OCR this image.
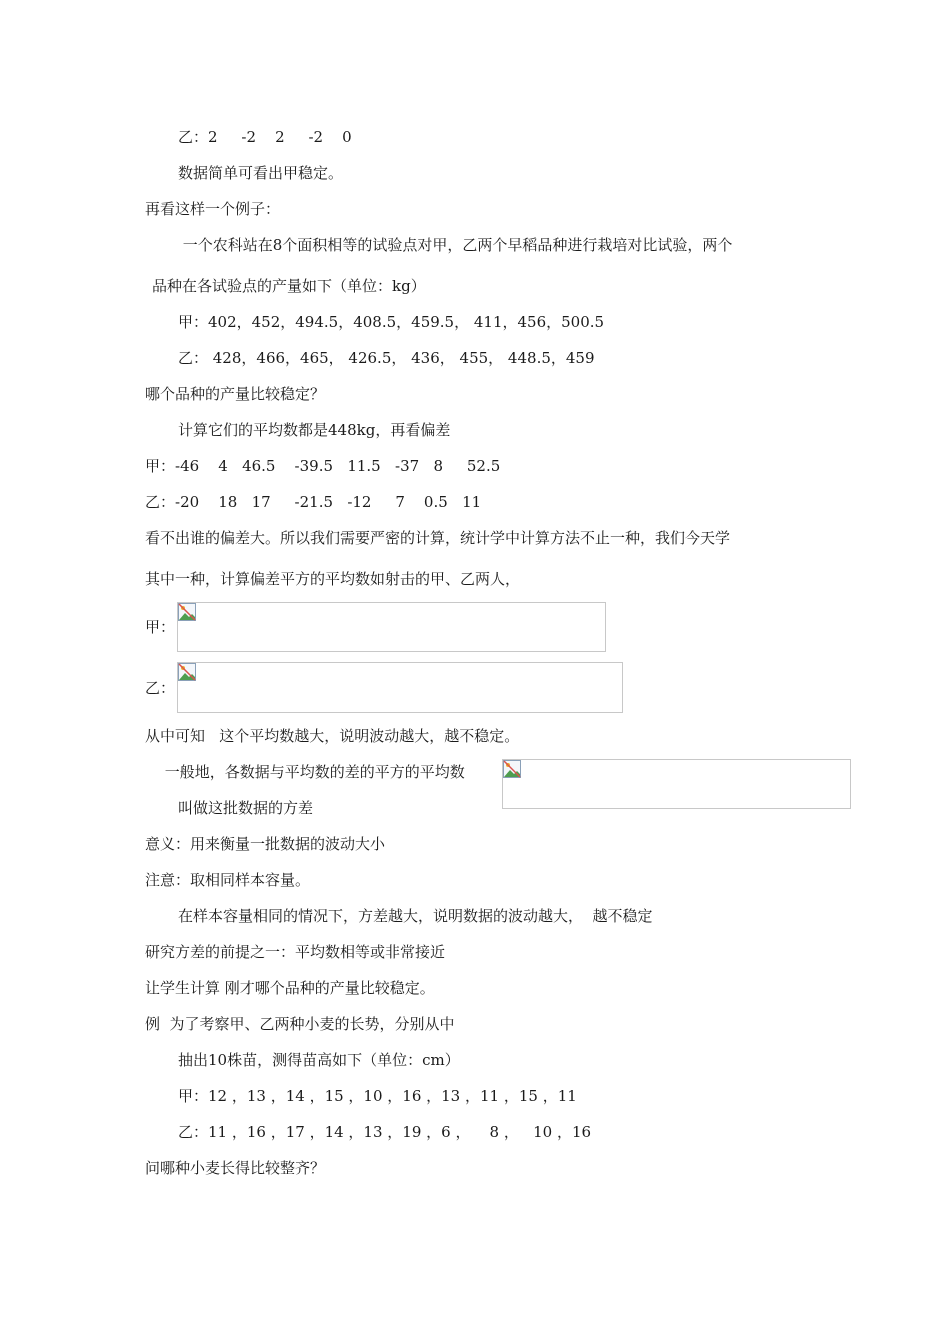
乙：2     -2    2     -2    0
数据简单可看出甲稳定。
再看这样一个例子：
一个农科站在8个面积相等的试验点对甲，乙两个早稻品种进行栽培对比试验，两个
品种在各试验点的产量如下（单位：kg）
甲：402，452，494.5，408.5，459.5， 411，456，500.5
乙： 428，466，465， 426.5， 436， 455， 448.5，459
哪个品种的产量比较稳定？
计算它们的平均数都是448kg，再看偏差
甲：-46    4   46.5    -39.5   11.5   -37   8     52.5
乙：-20    18   17     -21.5   -12     7    0.5   11
看不出谁的偏差大。所以我们需要严密的计算，统计学中计算方法不止一种，我们今天学
其中一种，计算偏差平方的平均数如射击的甲、乙两人，
甲：
乙：
从中可知   这个平均数越大，说明波动越大，越不稳定。
一般地，各数据与平均数的差的平方的平均数
叫做这批数据的方差
意义：用来衡量一批数据的波动大小
注意：取相同样本容量。
在样本容量相同的情况下，方差越大，说明数据的波动越大，  越不稳定
研究方差的前提之一：平均数相等或非常接近
让学生计算 刚才哪个品种的产量比较稳定。
例  为了考察甲、乙两种小麦的长势，分别从中
抽出10株苗，测得苗高如下（单位：cm）
甲：12 ，13 ，14 ，15 ，10 ，16 ，13 ，11 ，15 ，11
乙：11 ，16 ，17 ，14 ，13 ，19 ，6 ，    8 ，   10 ，16
问哪种小麦长得比较整齐？
